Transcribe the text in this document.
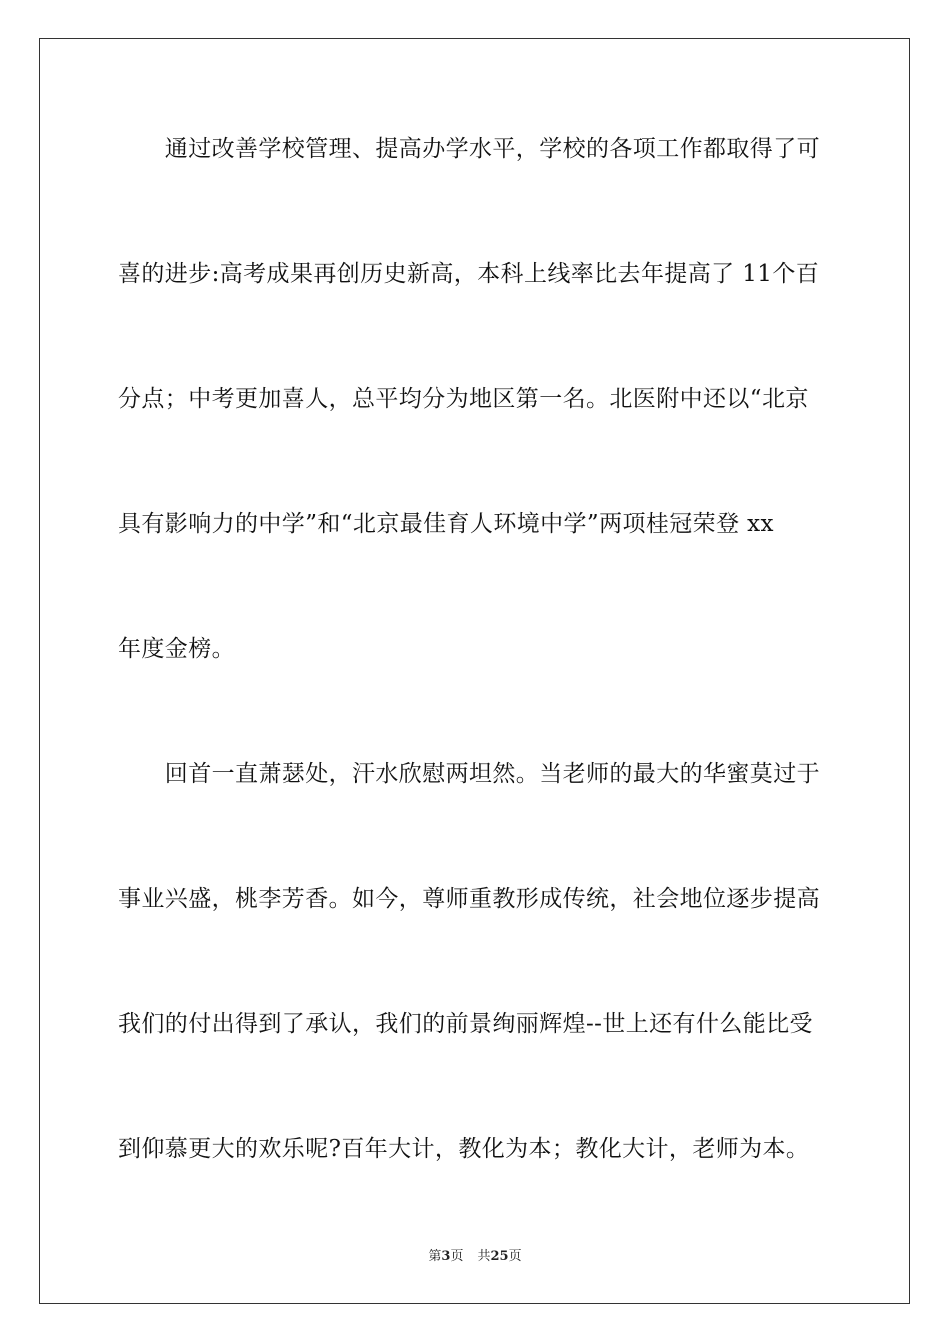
　　通过改善学校管理、提高办学水平，学校的各项工作都取得了可
喜的进步:高考成果再创历史新高，本科上线率比去年提高了 11个百
分点；中考更加喜人，总平均分为地区第一名。北医附中还以“北京
具有影响力的中学”和“北京最佳育人环境中学”两项桂冠荣登 xx
年度金榜。
　　回首一直萧瑟处，汗水欣慰两坦然。当老师的最大的华蜜莫过于
事业兴盛，桃李芳香。如今，尊师重教形成传统，社会地位逐步提高
我们的付出得到了承认，我们的前景绚丽辉煌--世上还有什么能比受
到仰慕更大的欢乐呢?百年大计，教化为本；教化大计，老师为本。
第3页 共25页
